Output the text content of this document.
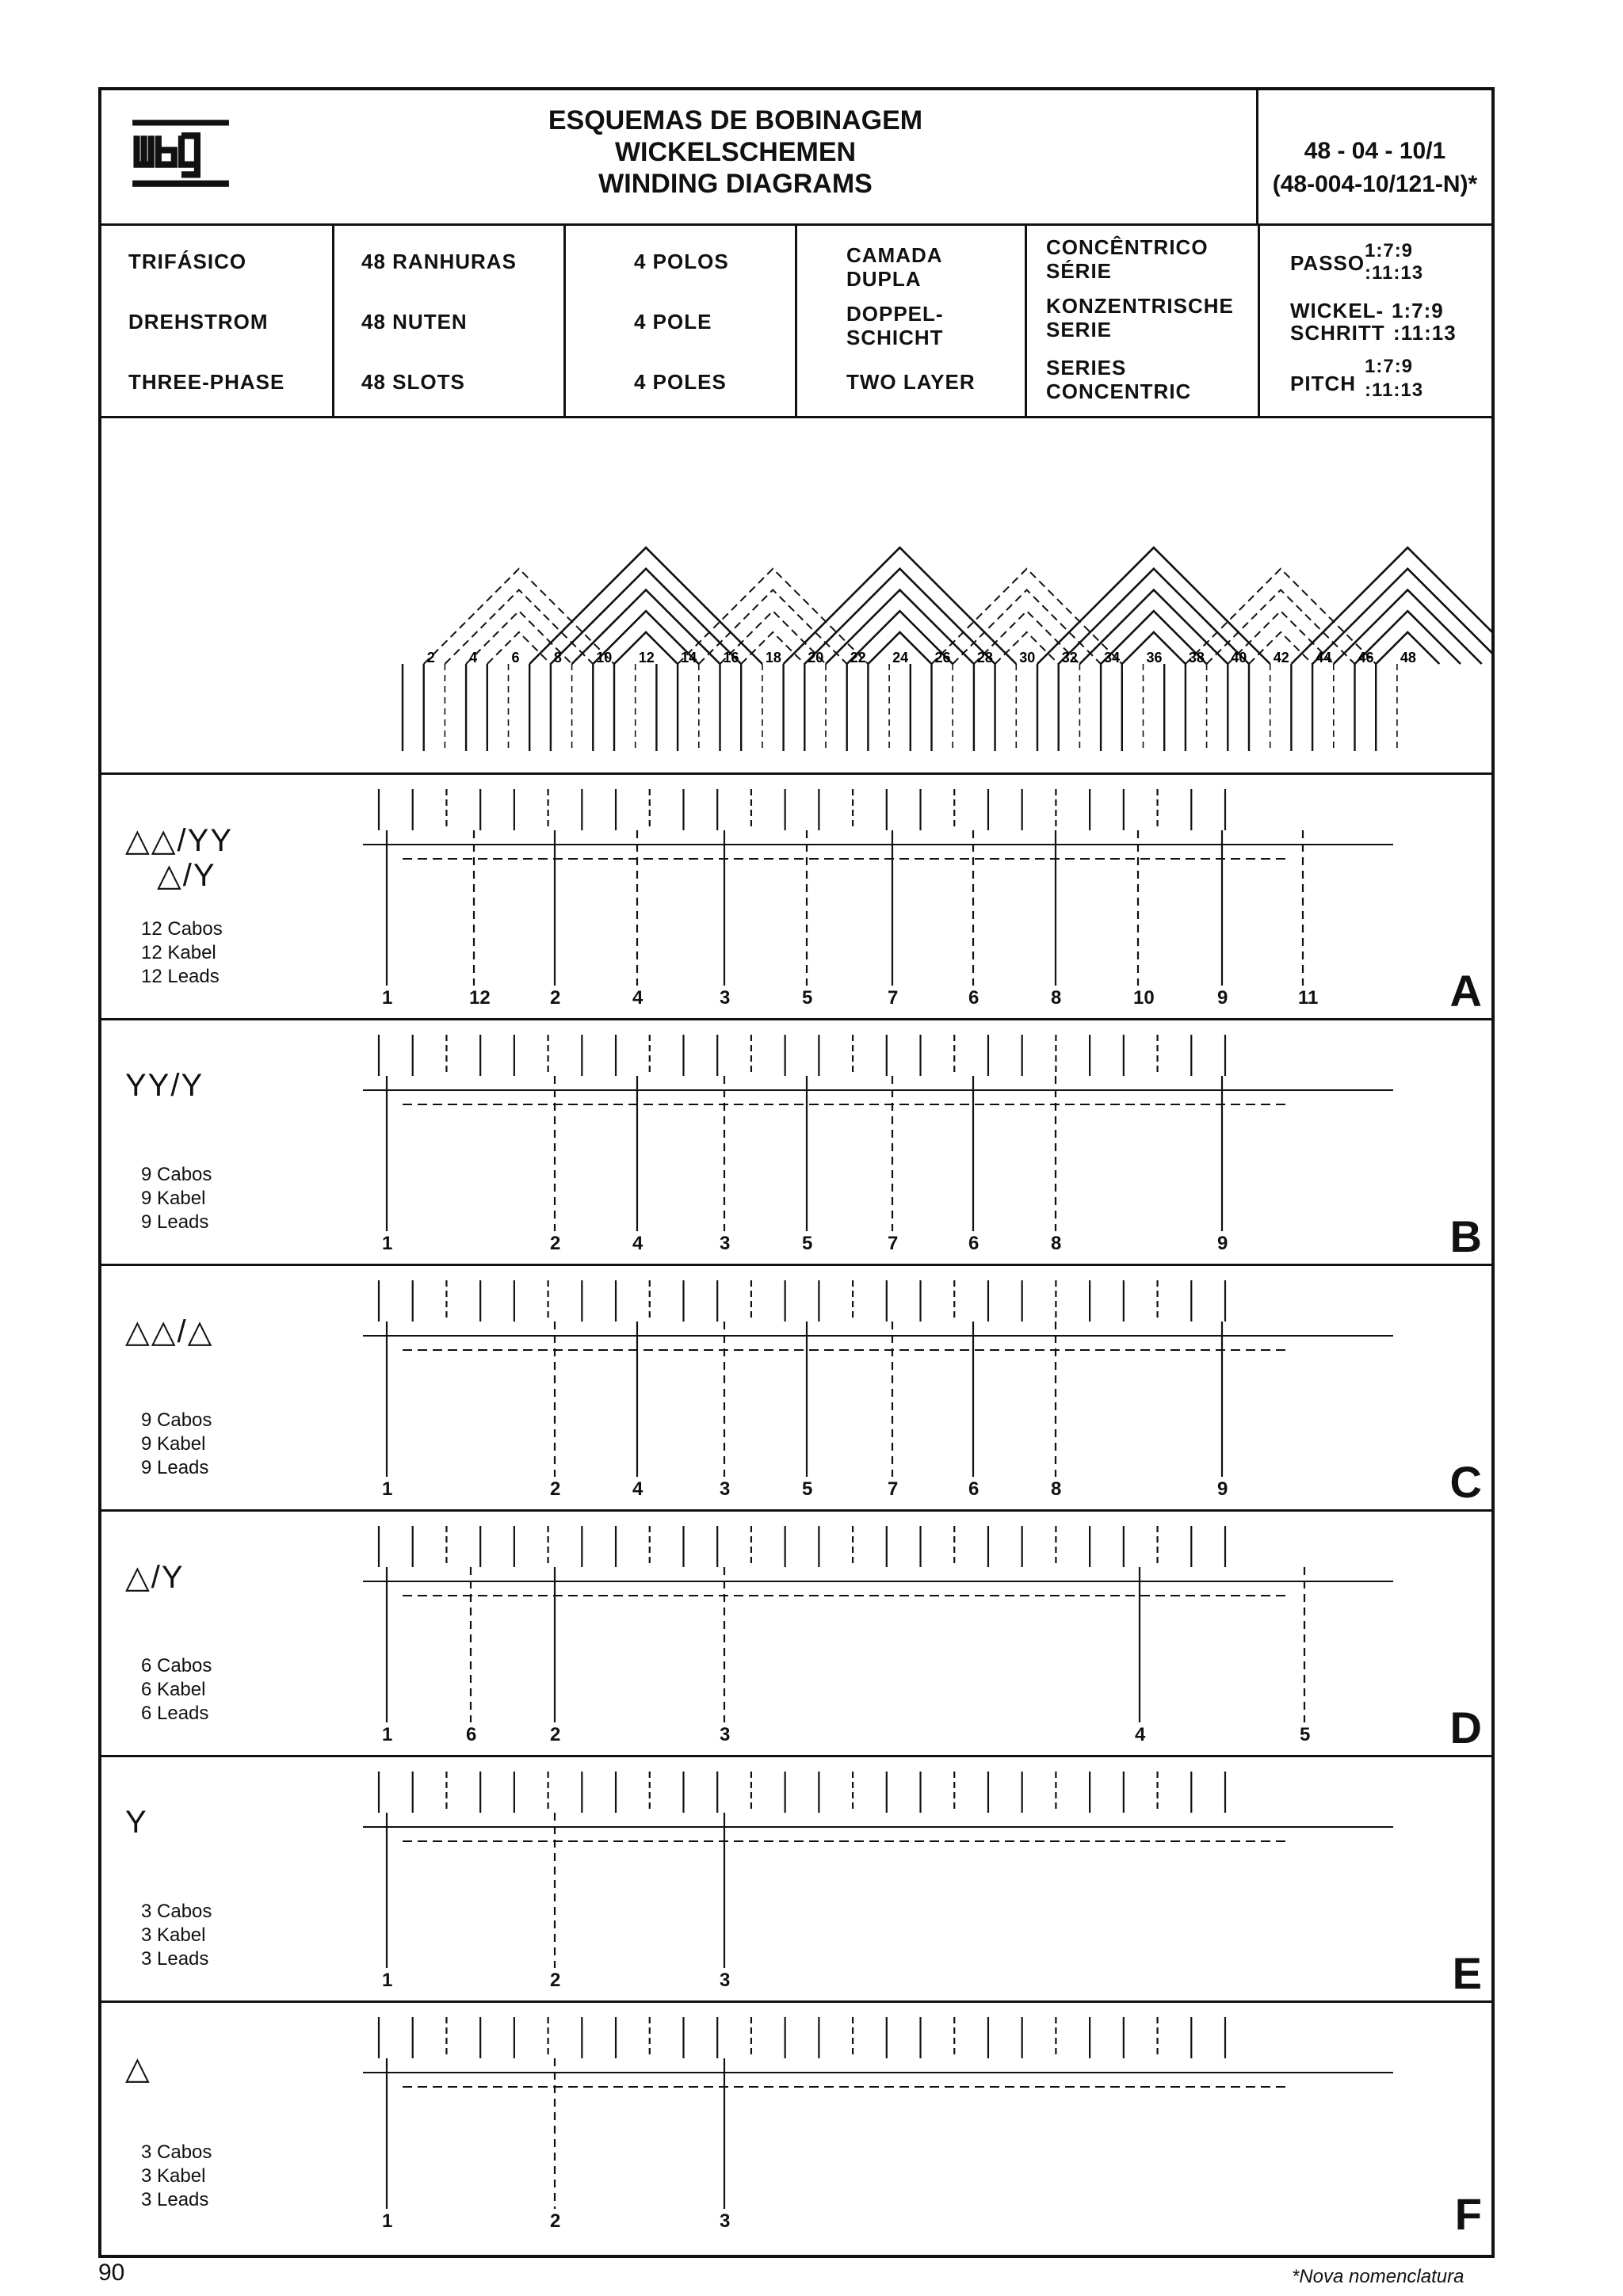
ESQUEMAS DE BOBINAGEM
WICKELSCHEMEN
WINDING DIAGRAMS
48 - 04 - 10/1
(48-004-10/121-N)*
TRIFÁSICO
DREHSTROM
THREE-PHASE
48 RANHURAS
48 NUTEN
48 SLOTS
4 POLOS
4 POLE
4 POLES
CAMADA
DUPLA
DOPPEL-
SCHICHT
TWO LAYER
CONCÊNTRICO
SÉRIE
KONZENTRISCHE
SERIE
SERIES
CONCENTRIC
PASSO
1:7:9
:11:13
WICKEL- 1:7:9
SCHRITT :11:13
PITCH
1:7:9
:11:13
2 4 6 8 10 12 14 16 18 20 22 24 26 28 30 32 34 36 38 40 42 44 46 48
△△/ΥΥ
△/Υ
12 Cabos
12 Kabel
12 Leads
1	12	2	4	3	5	7	6	8	10	9	11	A
ΥΥ/Υ
9 Cabos
9 Kabel
9 Leads
1	2	4	3	5	7	6	8	9	B
△△/△
9 Cabos
9 Kabel
9 Leads
1	2	4	3	5	7	6	8	9	C
△/Υ
6 Cabos
6 Kabel
6 Leads
1	6	2	3	4	5	D
Υ
3 Cabos
3 Kabel
3 Leads
1	2	3	E
△
3 Cabos
3 Kabel
3 Leads
1	2	3	F
90	*Nova nomenclatura
